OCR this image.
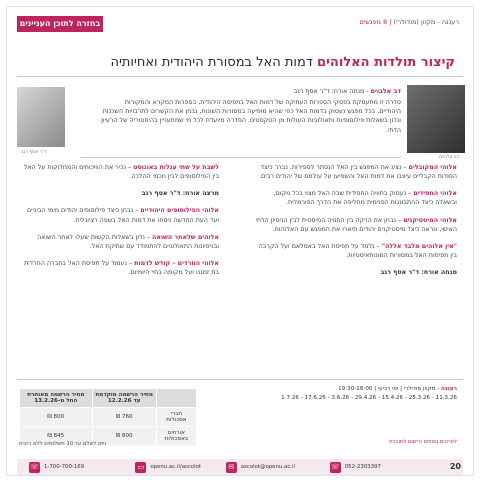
בחזרה לתוכן העניינים	רעננה - מקוון (מודולרי) | 8 מפגשים
קיצור תולדות האלוהים דמות האל במסורת היהודית ואחיותיה
דב אלבוים
ד"ר אסף רגב
דב אלבוים - מנחה אורח: ד"ר אסף רגב
סדרה זו מתעמקת בפסקי הספרות העתיקה של דמות האל בתפיסה היהודית, בספרות המקרא והמקורות היהודיים. בכל מפגש נעסוק בדמות האל כפי שהיא מופיעה במסורות השונות, נבחן את הקשרים לתרבויות השכנות ונדון בשאלות פילוסופיות ותאולוגיות העולות מן הטקסטים. הסדרה מיועדת לכל מי שמתעניין בהיסטוריה של הרעיון הדתי.

אלוהי המקובלים – נציג את המפגש בין האל הנסתר לספירות, נברר כיצד הסודות הקבליים עיצבו את דמות האל והשפיעו על עולמם של יהודים רבים.

אלוהי החסידים – נעסוק בחוויה החסידית שבה האל מצוי בכל מקום, ובשאלה כיצד ההתבוננות הפנימית מחליפה את הדרך הפורמלית.

אלוהי המיסטיקנים – נבחן את הזיקה בין החוויה המיסטית לבין הניסיון הדתי האישי, ונראה כיצד מיסטיקנים יהודים תיארו את המפגש עם האלוהות.

"אין אלוהים מלבד אללה" – נלמד על תפיסת האל באסלאם ועל הקרבה בין תפיסות האל במסורות המונותאיסטיות.

מנחה אורח: ד"ר אסף רגב

לשבת על שתי עגלות באוגוסט – נכיר את הוויכוחים והמחלוקות על האל בין הפילוסופים לבין חכמי ההלכה.

מרצה אורח: ד"ר אסף רגב

אלוהי הפילוסופים היהודיים – נבחן כיצד פילוסופים יהודים מימי הביניים ועד העת החדשה ניסחו את דמות האל בשפה רציונלית.

אלוהים שלאחר השואה – נדון בשאלות הקשות שעלו לאחר השואה ובניסיונות התאולוגיים להתמודד עם שתיקת האל.

אלוהי החרדים – קודש לדמות – נעמוד על תפיסת האל בחברה החרדית בת זמננו ועל מקומה בחיי היומיום.

רעננה - מקוון מודולרי | ימי רביעי | 19:30-18:00
11.3.26 - 25.3.26 - 15.4.26 - 29.4.26 - 3.6.26 - 17.6.26 - 1.7.26
	מחיר הרשמה מוקדמת עד 12.2.26	מחיר הרשמה מאוחרת החל מ-13.2.26
חברי אסכולות	760 ₪	800 ₪
אורחים באסכולות	800 ₪	845 ₪
ניתן לשלם עד 10 תשלומים ללא ריבית	לפרטים נוספים ורישום לתוכנית
20
☏ 052-2303397
✉	ascolot@openu.ac.il
▭	openu.ac.il/ascolot
☏ 1-700-700-169
